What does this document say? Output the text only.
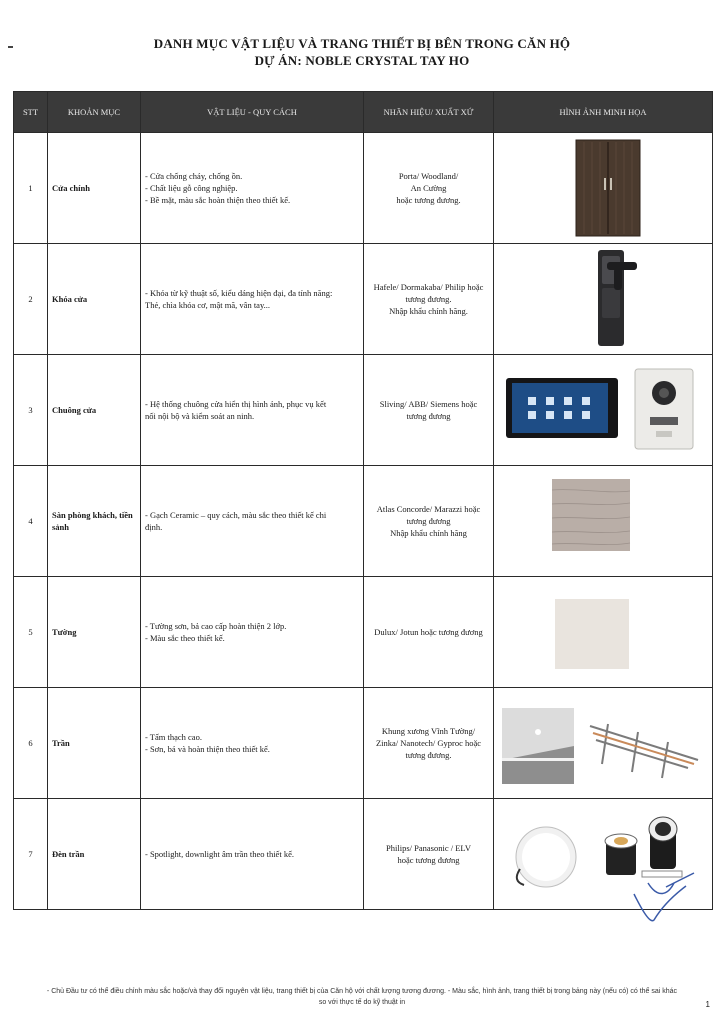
DANH MỤC VẬT LIỆU VÀ TRANG THIẾT BỊ BÊN TRONG CĂN HỘ
DỰ ÁN: NOBLE CRYSTAL TAY HO
STT	KHOẢN MỤC	VẬT LIỆU - QUY CÁCH	NHÃN HIỆU/ XUẤT XỨ	HÌNH ẢNH MINH HỌA
1	Cửa chính	- Cửa chống cháy, chống ồn.
- Chất liệu gỗ công nghiệp.
- Bề mặt, màu sắc hoàn thiện theo thiết kế.	Porta/ Woodland/
An Cường
hoặc tương đương.

2	Khóa cửa	- Khóa từ kỹ thuật số, kiểu dáng hiện đại, đa tính năng:
Thẻ, chìa khóa cơ, mật mã, vân tay...	Hafele/ Dormakaba/ Philip hoặc
tương đương.
Nhập khẩu chính hãng.

3	Chuông cửa	- Hệ thống chuông cửa hiển thị hình ảnh, phục vụ kết
nối nội bộ và kiểm soát an ninh.	Sliving/ ABB/ Siemens hoặc
tương đương

4	Sàn phòng khách, tiền sảnh	- Gạch Ceramic – quy cách, màu sắc theo thiết kế chi
định.	Atlas Concorde/ Marazzi hoặc
tương đương
Nhập khẩu chính hãng

5	Tường	- Tường sơn, bả cao cấp hoàn thiện 2 lớp.
- Màu sắc theo thiết kế.	Dulux/ Jotun hoặc tương đương

6	Trần	- Tấm thạch cao.
- Sơn, bả và hoàn thiện theo thiết kế.	Khung xương Vĩnh Tường/
Zinka/ Nanotech/ Gyproc hoặc
tương đương.

7	Đèn trần	- Spotlight, downlight âm trần theo thiết kế.	Philips/ Panasonic / ELV
hoặc tương đương

- Chủ Đầu tư có thể điều chỉnh màu sắc hoặc/và thay đổi nguyên vật liệu, trang thiết bị của Căn hộ với chất lượng tương đương. - Màu sắc, hình ảnh, trang thiết bị trong bảng này (nếu có) có thể sai khác
so với thực tế do kỹ thuật in	1
